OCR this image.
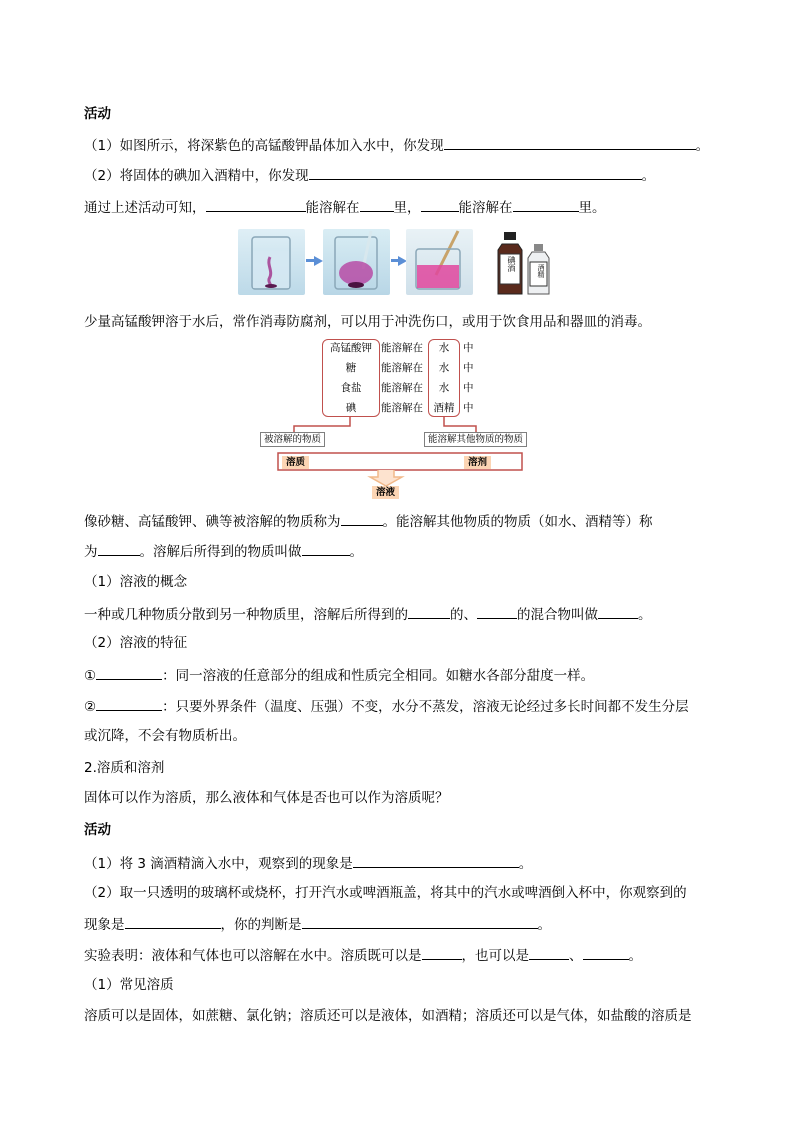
活动
（1）如图所示，将深紫色的高锰酸钾晶体加入水中，你发现	。
（2）将固体的碘加入酒精中，你发现	。
通过上述活动可知，	能溶解在	里，	能溶解在	里。
碘酒	酒精
少量高锰酸钾溶于水后，常作消毒防腐剂，可以用于冲洗伤口，或用于饮食用品和器皿的消毒。
高锰酸钾 能溶解在	水	中
糖	能溶解在	水	中
食盐	能溶解在	水	中
碘	能溶解在	酒精 中
被溶解的物质	能溶解其他物质的物质
溶质	溶剂
溶液
像砂糖、高锰酸钾、碘等被溶解的物质称为	。能溶解其他物质的物质（如水、酒精等）称
为	。溶解后所得到的物质叫做	。
（1）溶液的概念
一种或几种物质分散到另一种物质里，溶解后所得到的	的、	的混合物叫做	。
（2）溶液的特征
①	：同一溶液的任意部分的组成和性质完全相同。如糖水各部分甜度一样。
②	：只要外界条件（温度、压强）不变，水分不蒸发，溶液无论经过多长时间都不发生分层
或沉降，不会有物质析出。
2.溶质和溶剂
固体可以作为溶质，那么液体和气体是否也可以作为溶质呢？
活动
（1）将 3 滴酒精滴入水中，观察到的现象是	。
（2）取一只透明的玻璃杯或烧杯，打开汽水或啤酒瓶盖，将其中的汽水或啤酒倒入杯中，你观察到的
现象是	，你的判断是	。
实验表明：液体和气体也可以溶解在水中。溶质既可以是	，也可以是	、	。
（1）常见溶质
溶质可以是固体，如蔗糖、氯化钠；溶质还可以是液体，如酒精；溶质还可以是气体，如盐酸的溶质是
